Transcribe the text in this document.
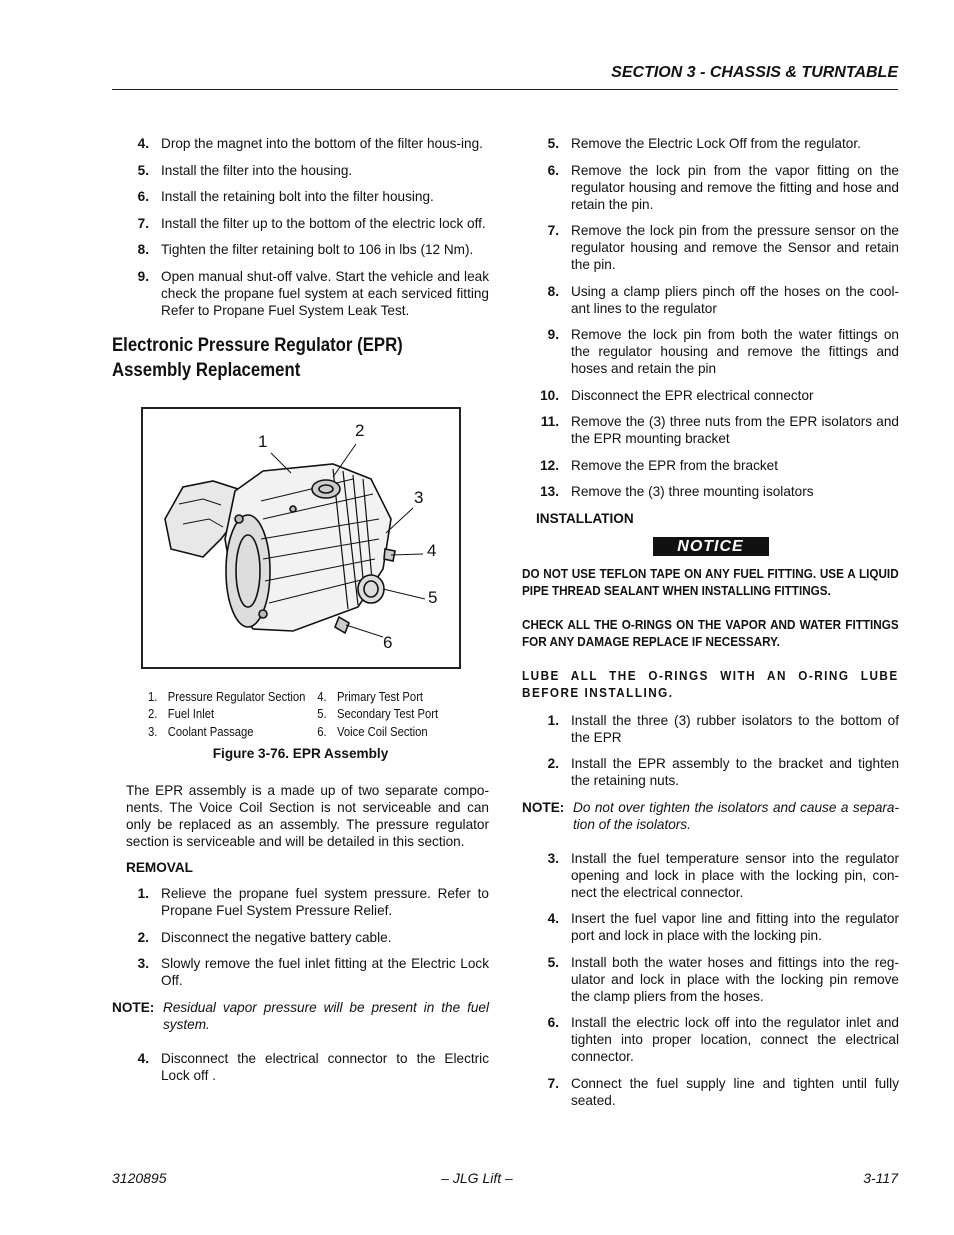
SECTION 3 - CHASSIS & TURNTABLE
4. Drop the magnet into the bottom of the filter hous-ing.
5. Install the filter into the housing.
6. Install the retaining bolt into the filter housing.
7. Install the filter up to the bottom of the electric lock off.
8. Tighten the filter retaining bolt to 106 in lbs (12 Nm).
9. Open manual shut-off valve. Start the vehicle and leak check the propane fuel system at each serviced fitting Refer to Propane Fuel System Leak Test.
Electronic Pressure Regulator (EPR)
Assembly Replacement
1
2
3
4
5
6
1. Pressure Regulator Section 4. Primary Test Port
2. Fuel Inlet	5. Secondary Test Port
3. Coolant Passage	6. Voice Coil Section
Figure 3-76. EPR Assembly
The EPR assembly is a made up of two separate compo-nents. The Voice Coil Section is not serviceable and can only be replaced as an assembly. The pressure regulator section is serviceable and will be detailed in this section.
REMOVAL
1. Relieve the propane fuel system pressure. Refer to Propane Fuel System Pressure Relief.
2. Disconnect the negative battery cable.
3. Slowly remove the fuel inlet fitting at the Electric Lock Off.
NOTE: Residual vapor pressure will be present in the fuel system.
4. Disconnect the electrical connector to the Electric Lock off .
5. Remove the Electric Lock Off from the regulator.
6. Remove the lock pin from the vapor fitting on the regulator housing and remove the fitting and hose and retain the pin.
7. Remove the lock pin from the pressure sensor on the regulator housing and remove the Sensor and retain the pin.
8. Using a clamp pliers pinch off the hoses on the cool-ant lines to the regulator
9. Remove the lock pin from both the water fittings on the regulator housing and remove the fittings and hoses and retain the pin
10. Disconnect the EPR electrical connector
11. Remove the (3) three nuts from the EPR isolators and the EPR mounting bracket
12. Remove the EPR from the bracket
13. Remove the (3) three mounting isolators
INSTALLATION
NOTICE
DO NOT USE TEFLON TAPE ON ANY FUEL FITTING. USE A LIQUID PIPE THREAD SEALANT WHEN INSTALLING FITTINGS.
CHECK ALL THE O-RINGS ON THE VAPOR AND WATER FITTINGS FOR ANY DAMAGE REPLACE IF NECESSARY.
LUBE ALL THE O-RINGS WITH AN O-RING LUBE BEFORE INSTALLING.
1. Install the three (3) rubber isolators to the bottom of the EPR
2. Install the EPR assembly to the bracket and tighten the retaining nuts.
NOTE: Do not over tighten the isolators and cause a separa-tion of the isolators.
3. Install the fuel temperature sensor into the regulator opening and lock in place with the locking pin, con-nect the electrical connector.
4. Insert the fuel vapor line and fitting into the regulator port and lock in place with the locking pin.
5. Install both the water hoses and fittings into the reg-ulator and lock in place with the locking pin remove the clamp pliers from the hoses.
6. Install the electric lock off into the regulator inlet and tighten into proper location, connect the electrical connector.
7. Connect the fuel supply line and tighten until fully seated.
3120895	– JLG Lift –	3-117
